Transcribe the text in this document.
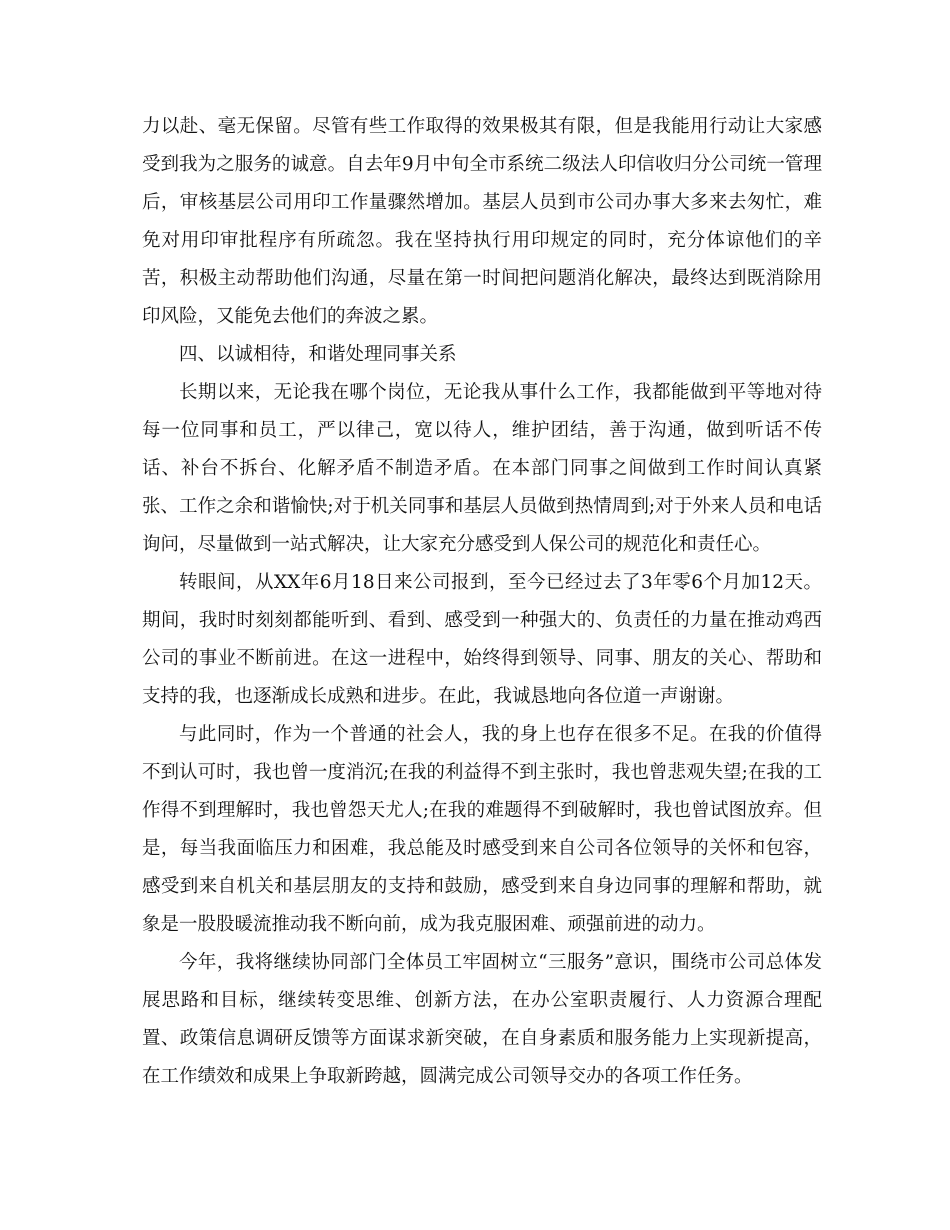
力以赴、毫无保留。尽管有些工作取得的效果极其有限，但是我能用行动让大家感受到我为之服务的诚意。自去年9月中旬全市系统二级法人印信收归分公司统一管理后，审核基层公司用印工作量骤然增加。基层人员到市公司办事大多来去匆忙，难免对用印审批程序有所疏忽。我在坚持执行用印规定的同时，充分体谅他们的辛苦，积极主动帮助他们沟通，尽量在第一时间把问题消化解决，最终达到既消除用印风险，又能免去他们的奔波之累。

四、以诚相待，和谐处理同事关系

长期以来，无论我在哪个岗位，无论我从事什么工作，我都能做到平等地对待每一位同事和员工，严以律己，宽以待人，维护团结，善于沟通，做到听话不传话、补台不拆台、化解矛盾不制造矛盾。在本部门同事之间做到工作时间认真紧张、工作之余和谐愉快;对于机关同事和基层人员做到热情周到;对于外来人员和电话询问，尽量做到一站式解决，让大家充分感受到人保公司的规范化和责任心。

转眼间，从XX年6月18日来公司报到，至今已经过去了3年零6个月加12天。期间，我时时刻刻都能听到、看到、感受到一种强大的、负责任的力量在推动鸡西公司的事业不断前进。在这一进程中，始终得到领导、同事、朋友的关心、帮助和支持的我，也逐渐成长成熟和进步。在此，我诚恳地向各位道一声谢谢。

与此同时，作为一个普通的社会人，我的身上也存在很多不足。在我的价值得不到认可时，我也曾一度消沉;在我的利益得不到主张时，我也曾悲观失望;在我的工作得不到理解时，我也曾怨天尤人;在我的难题得不到破解时，我也曾试图放弃。但是，每当我面临压力和困难，我总能及时感受到来自公司各位领导的关怀和包容，感受到来自机关和基层朋友的支持和鼓励，感受到来自身边同事的理解和帮助，就象是一股股暖流推动我不断向前，成为我克服困难、顽强前进的动力。

今年，我将继续协同部门全体员工牢固树立“三服务”意识，围绕市公司总体发展思路和目标，继续转变思维、创新方法，在办公室职责履行、人力资源合理配置、政策信息调研反馈等方面谋求新突破，在自身素质和服务能力上实现新提高，在工作绩效和成果上争取新跨越，圆满完成公司领导交办的各项工作任务。
